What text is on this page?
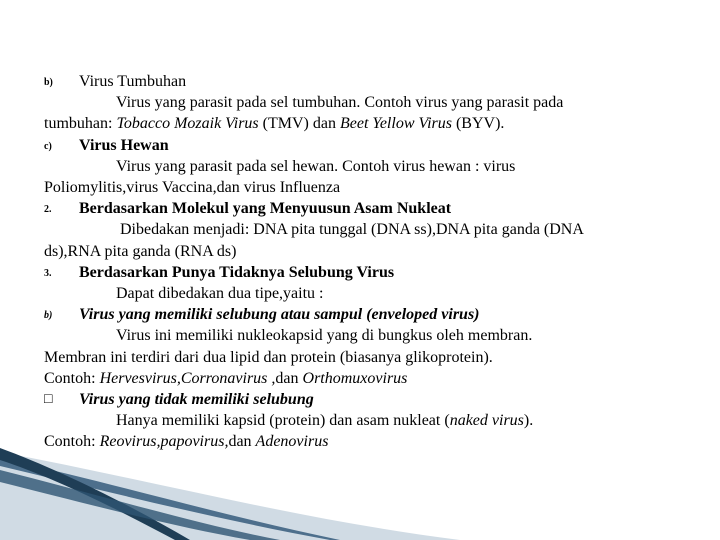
b) Virus Tumbuhan
Virus yang parasit pada sel tumbuhan. Contoh virus yang parasit pada
tumbuhan: Tobacco Mozaik Virus (TMV) dan Beet Yellow Virus (BYV).
c) Virus Hewan
Virus yang parasit pada sel hewan. Contoh virus hewan : virus
Poliomylitis,virus Vaccina,dan virus Influenza
2. Berdasarkan Molekul yang Menyuusun Asam Nukleat
Dibedakan menjadi: DNA pita tunggal (DNA ss),DNA pita ganda (DNA
ds),RNA pita ganda (RNA ds)
3. Berdasarkan Punya Tidaknya Selubung Virus
Dapat dibedakan dua tipe,yaitu :
b) Virus yang memiliki selubung atau sampul (enveloped virus)
Virus ini memiliki nukleokapsid yang di bungkus oleh membran.
Membran ini terdiri dari dua lipid dan protein (biasanya glikoprotein).
Contoh: Hervesvirus,Corronavirus ,dan Orthomuxovirus
□ Virus yang tidak memiliki selubung
Hanya memiliki kapsid (protein) dan asam nukleat (naked virus).
Contoh: Reovirus,papovirus,dan Adenovirus
